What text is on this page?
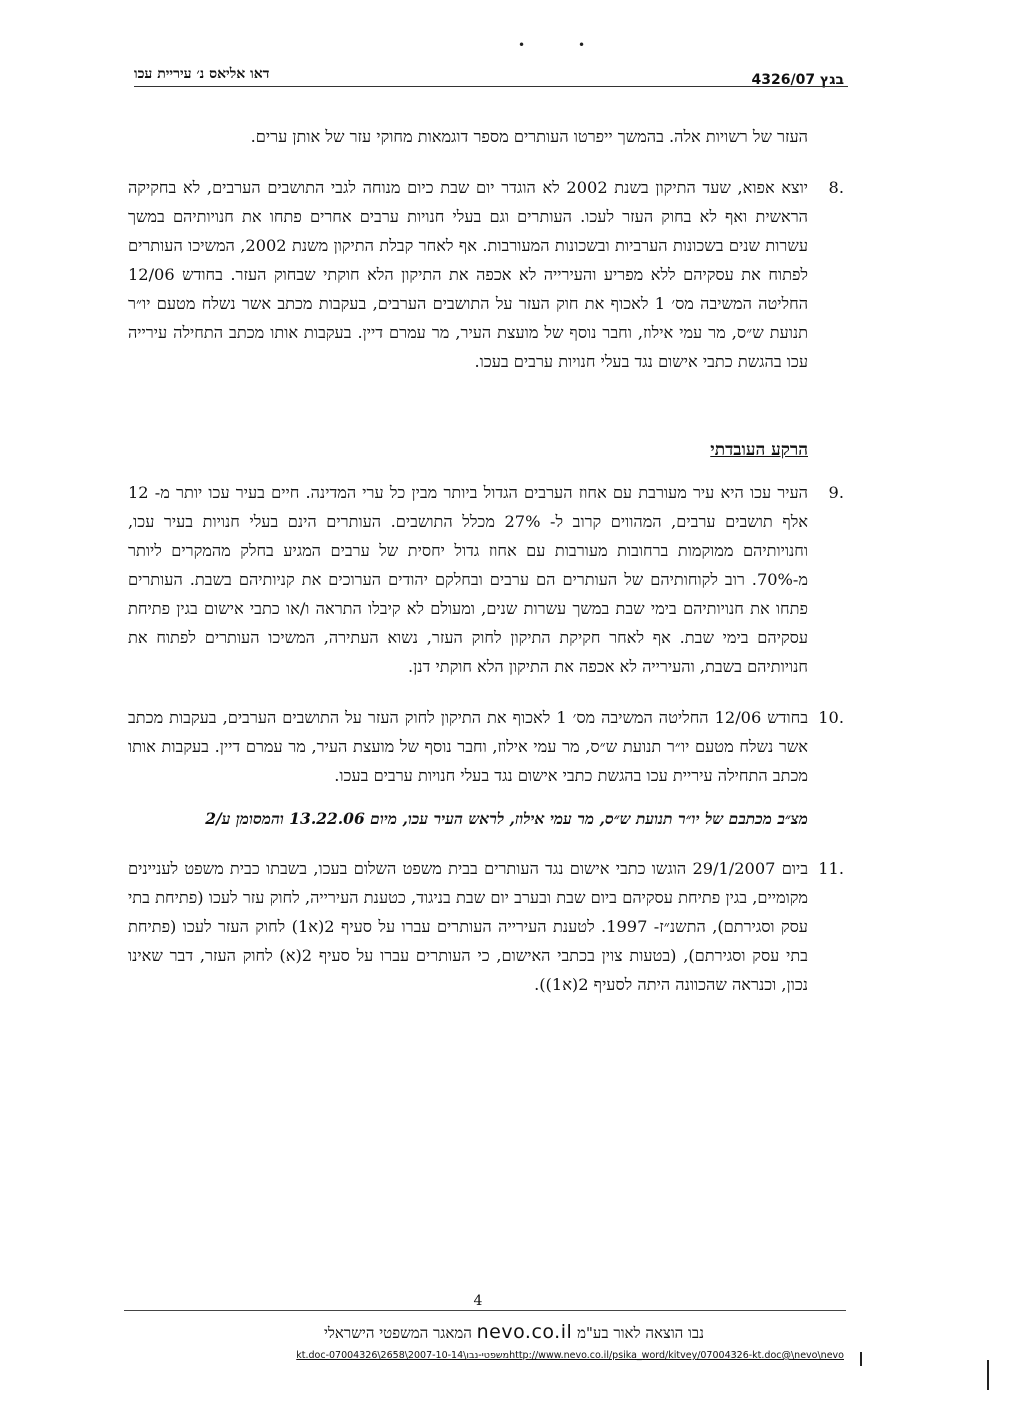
•	•
דאו אליאס נ׳ עיריית עכו	בגץ 4326/07

העזר של רשויות אלה. בהמשך ייפרטו העותרים מספר דוגמאות מחוקי עזר של אותן ערים.

.8
יוצא אפוא, שעד התיקון בשנת 2002 לא הוגדר יום שבת כיום מנוחה לגבי התושבים הערבים, לא בחקיקה הראשית ואף לא בחוק העזר לעכו. העותרים וגם בעלי חנויות ערבים אחרים פתחו את חנויותיהם במשך עשרות שנים בשכונות הערביות ובשכונות המעורבות. אף לאחר קבלת התיקון משנת 2002, המשיכו העותרים לפתוח את עסקיהם ללא מפריע והעירייה לא אכפה את התיקון הלא חוקתי שבחוק העזר. בחודש 12/06 החליטה המשיבה מס׳ 1 לאכוף את חוק העזר על התושבים הערבים, בעקבות מכתב אשר נשלח מטעם יו״ר תנועת ש״ס, מר עמי אילוז, וחבר נוסף של מועצת העיר, מר עמרם דיין. בעקבות אותו מכתב התחילה עירייה עכו בהגשת כתבי אישום נגד בעלי חנויות ערבים בעכו.

הרקע העובדתי

.9
העיר עכו היא עיר מעורבת עם אחוז הערבים הגדול ביותר מבין כל ערי המדינה. חיים בעיר עכו יותר מ- 12 אלף תושבים ערבים, המהווים קרוב ל- 27% מכלל התושבים. העותרים הינם בעלי חנויות בעיר עכו, וחנויותיהם ממוקמות ברחובות מעורבות עם אחוז גדול יחסית של ערבים המגיע בחלק מהמקרים ליותר מ-70%. רוב לקוחותיהם של העותרים הם ערבים ובחלקם יהודים הערוכים את קניותיהם בשבת. העותרים פתחו את חנויותיהם בימי שבת במשך עשרות שנים, ומעולם לא קיבלו התראה ו/או כתבי אישום בגין פתיחת עסקיהם בימי שבת. אף לאחר חקיקת התיקון לחוק העזר, נשוא העתירה, המשיכו העותרים לפתוח את חנויותיהם בשבת, והעירייה לא אכפה את התיקון הלא חוקתי דנן.
.10
בחודש 12/06 החליטה המשיבה מס׳ 1 לאכוף את התיקון לחוק העזר על התושבים הערבים, בעקבות מכתב אשר נשלח מטעם יו״ר תנועת ש״ס, מר עמי אילוז, וחבר נוסף של מועצת העיר, מר עמרם דיין. בעקבות אותו מכתב התחילה עיריית עכו בהגשת כתבי אישום נגד בעלי חנויות ערבים בעכו.

מצ״ב מכתבם של יו״ר תנועת ש״ס, מר עמי אילוז, לראש העיר עכו, מיום 13.22.06 והמסומן ע/2

.11
ביום 29/1/2007 הוגשו כתבי אישום נגד העותרים בבית משפט השלום בעכו, בשבתו כבית משפט לעניינים מקומיים, בגין פתיחת עסקיהם ביום שבת ובערב יום שבת בניגוד, כטענת העירייה, לחוק עזר לעכו (פתיחת בתי עסק וסגירתם), התשנ״ז- 1997. לטענת העירייה העותרים עברו על סעיף 2(א1) לחוק העזר לעכו (פתיחת בתי עסק וסגירתם), (בטעות צוין בכתבי האישום, כי העותרים עברו על סעיף 2(א) לחוק העזר, דבר שאינו נכון, וכנראה שהכוונה היתה לסעיף 2(א1)).
4
נבו הוצאה לאור בע"מ nevo.co.il המאגר המשפטי הישראלי
kt.doc-07004326\2658\2007-10-14\משפטי-נבוhttp://www.nevo.co.il/psika_word/kitvey/07004326-kt.doc@\nevo\nevo
